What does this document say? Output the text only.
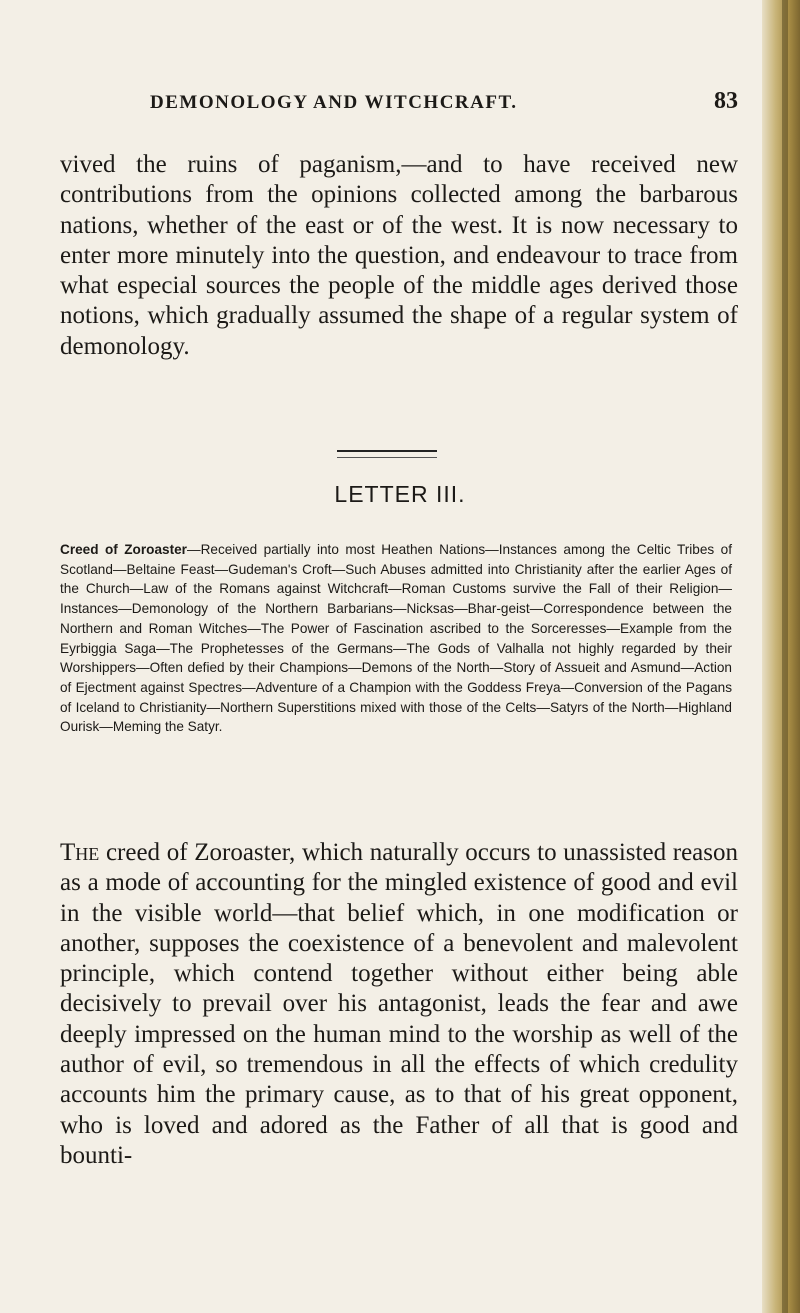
DEMONOLOGY AND WITCHCRAFT.	83

vived the ruins of paganism,—and to have received new contributions from the opinions collected among the barbarous nations, whether of the east or of the west. It is now necessary to enter more minutely into the question, and endeavour to trace from what especial sources the people of the middle ages derived those notions, which gradually assumed the shape of a regular system of demonology.

LETTER III.

Creed of Zoroaster—Received partially into most Heathen Nations—Instances among the Celtic Tribes of Scotland—Beltaine Feast—Gudeman's Croft—Such Abuses admitted into Christianity after the earlier Ages of the Church—Law of the Romans against Witchcraft—Roman Customs survive the Fall of their Religion—Instances—Demonology of the Northern Barbarians—Nicksas—Bhar-geist—Correspondence between the Northern and Roman Witches—The Power of Fascination ascribed to the Sorceresses—Example from the Eyrbiggia Saga—The Prophetesses of the Germans—The Gods of Valhalla not highly regarded by their Worshippers—Often defied by their Champions—Demons of the North—Story of Assueit and Asmund—Action of Ejectment against Spectres—Adventure of a Champion with the Goddess Freya—Conversion of the Pagans of Iceland to Christianity—Northern Superstitions mixed with those of the Celts—Satyrs of the North—Highland Ourisk—Meming the Satyr.

The creed of Zoroaster, which naturally occurs to unassisted reason as a mode of accounting for the mingled existence of good and evil in the visible world—that belief which, in one modification or another, supposes the coexistence of a benevolent and malevolent principle, which contend together without either being able decisively to prevail over his antagonist, leads the fear and awe deeply impressed on the human mind to the worship as well of the author of evil, so tremendous in all the effects of which credulity accounts him the primary cause, as to that of his great opponent, who is loved and adored as the Father of all that is good and bounti-
